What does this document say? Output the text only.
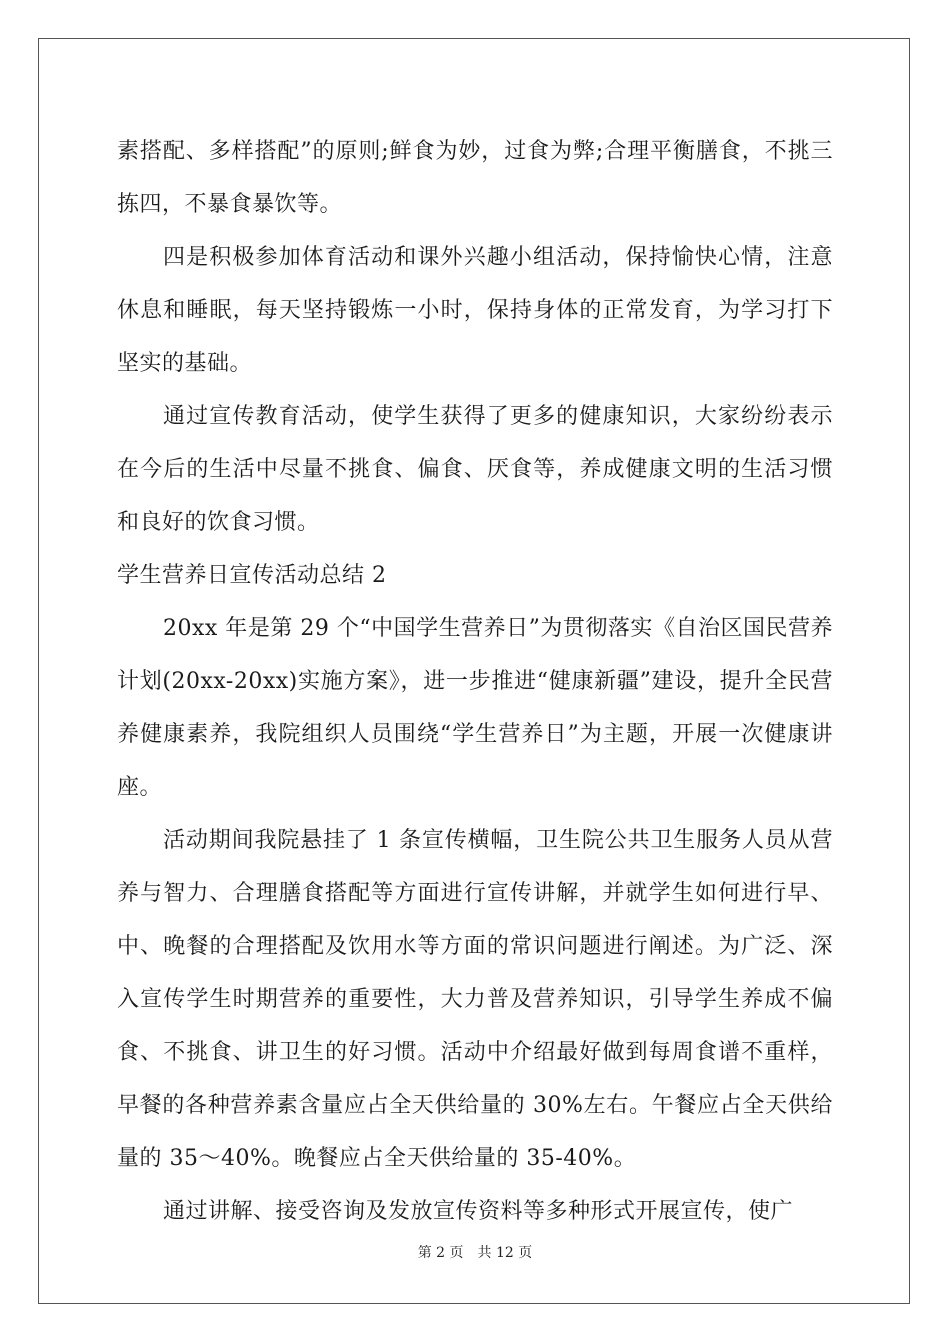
素搭配、多样搭配”的原则;鲜食为妙，过食为弊;合理平衡膳食，不挑三拣四，不暴食暴饮等。

四是积极参加体育活动和课外兴趣小组活动，保持愉快心情，注意休息和睡眠，每天坚持锻炼一小时，保持身体的正常发育，为学习打下坚实的基础。

通过宣传教育活动，使学生获得了更多的健康知识，大家纷纷表示在今后的生活中尽量不挑食、偏食、厌食等，养成健康文明的生活习惯和良好的饮食习惯。

学生营养日宣传活动总结 2

20xx 年是第 29 个“中国学生营养日”为贯彻落实《自治区国民营养计划(20xx-20xx)实施方案》，进一步推进“健康新疆”建设，提升全民营养健康素养，我院组织人员围绕“学生营养日”为主题，开展一次健康讲座。

活动期间我院悬挂了 1 条宣传横幅，卫生院公共卫生服务人员从营养与智力、合理膳食搭配等方面进行宣传讲解，并就学生如何进行早、中、晚餐的合理搭配及饮用水等方面的常识问题进行阐述。为广泛、深入宣传学生时期营养的重要性，大力普及营养知识，引导学生养成不偏食、不挑食、讲卫生的好习惯。活动中介绍最好做到每周食谱不重样，早餐的各种营养素含量应占全天供给量的 30%左右。午餐应占全天供给量的 35～40%。晚餐应占全天供给量的 35-40%。

通过讲解、接受咨询及发放宣传资料等多种形式开展宣传，使广

第 2 页 共 12 页
